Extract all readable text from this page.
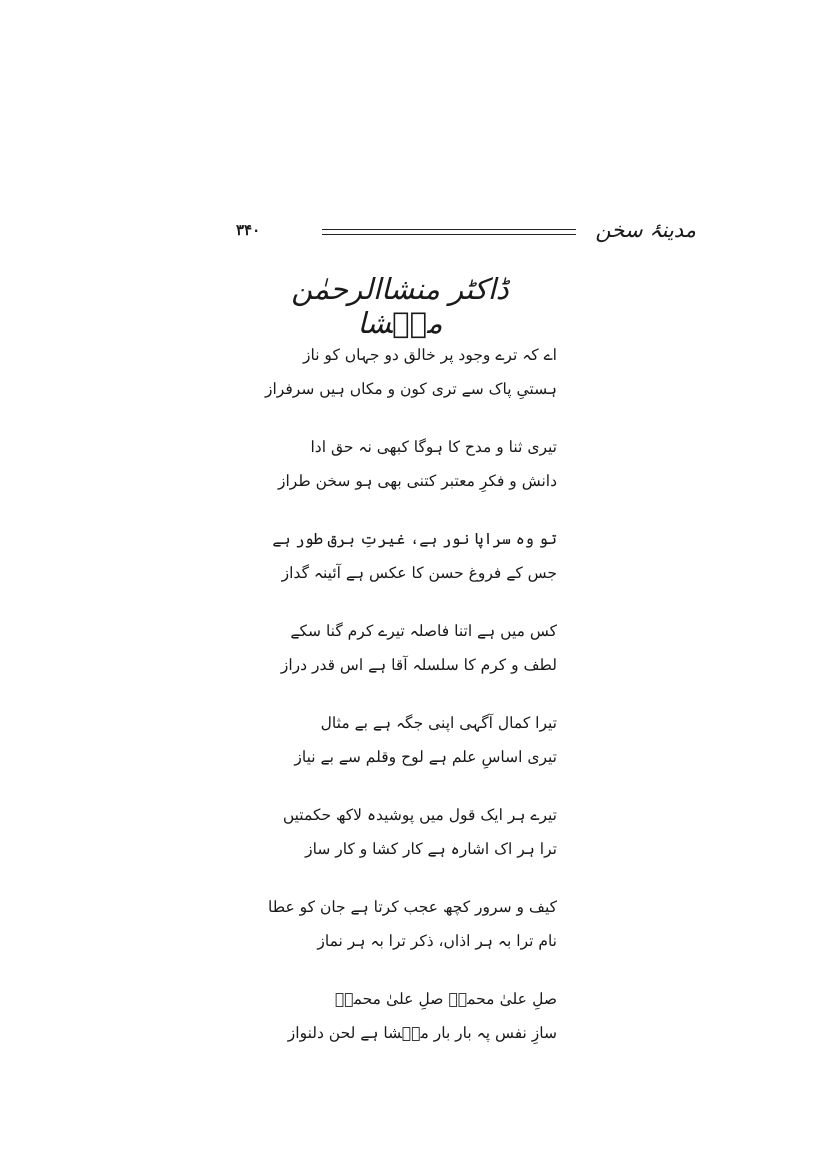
مدینۂ سخن
۳۴۰
ڈاکٹر منشاالرحمٰن منؔشا
اے کہ ترے وجود پر خالق دو جہاں کو ناز
ہستیِ پاک سے تری کون و مکاں ہیں سرفراز
تیری ثنا و مدح کا ہوگا کبھی نہ حق ادا
دانش و فکرِ معتبر کتنی بھی ہو سخن طراز
تو وہ سراپا نور ہے، غیرتِ برق طور ہے
جس کے فروغ حسن کا عکس ہے آئینہ گداز
کس میں ہے اتنا فاصلہ تیرے کرم گنا سکے
لطف و کرم کا سلسلہ آقا ہے اس قدر دراز
تیرا کمال آگہی اپنی جگہ ہے بے مثال
تیری اساسِ علم ہے لوح وقلم سے بے نیاز
تیرے ہر ایک قول میں پوشیدہ لاکھ حکمتیں
ترا ہر اک اشارہ ہے کار کشا و کار ساز
کیف و سرور کچھ عجب کرتا ہے جان کو عطا
نام ترا بہ ہر اذاں، ذکر ترا بہ ہر نماز
صلِ علیٰ محمدؐ صلِ علیٰ محمدؐ
سازِ نفس پہ بار بار منؔشا ہے لحن دلنواز
